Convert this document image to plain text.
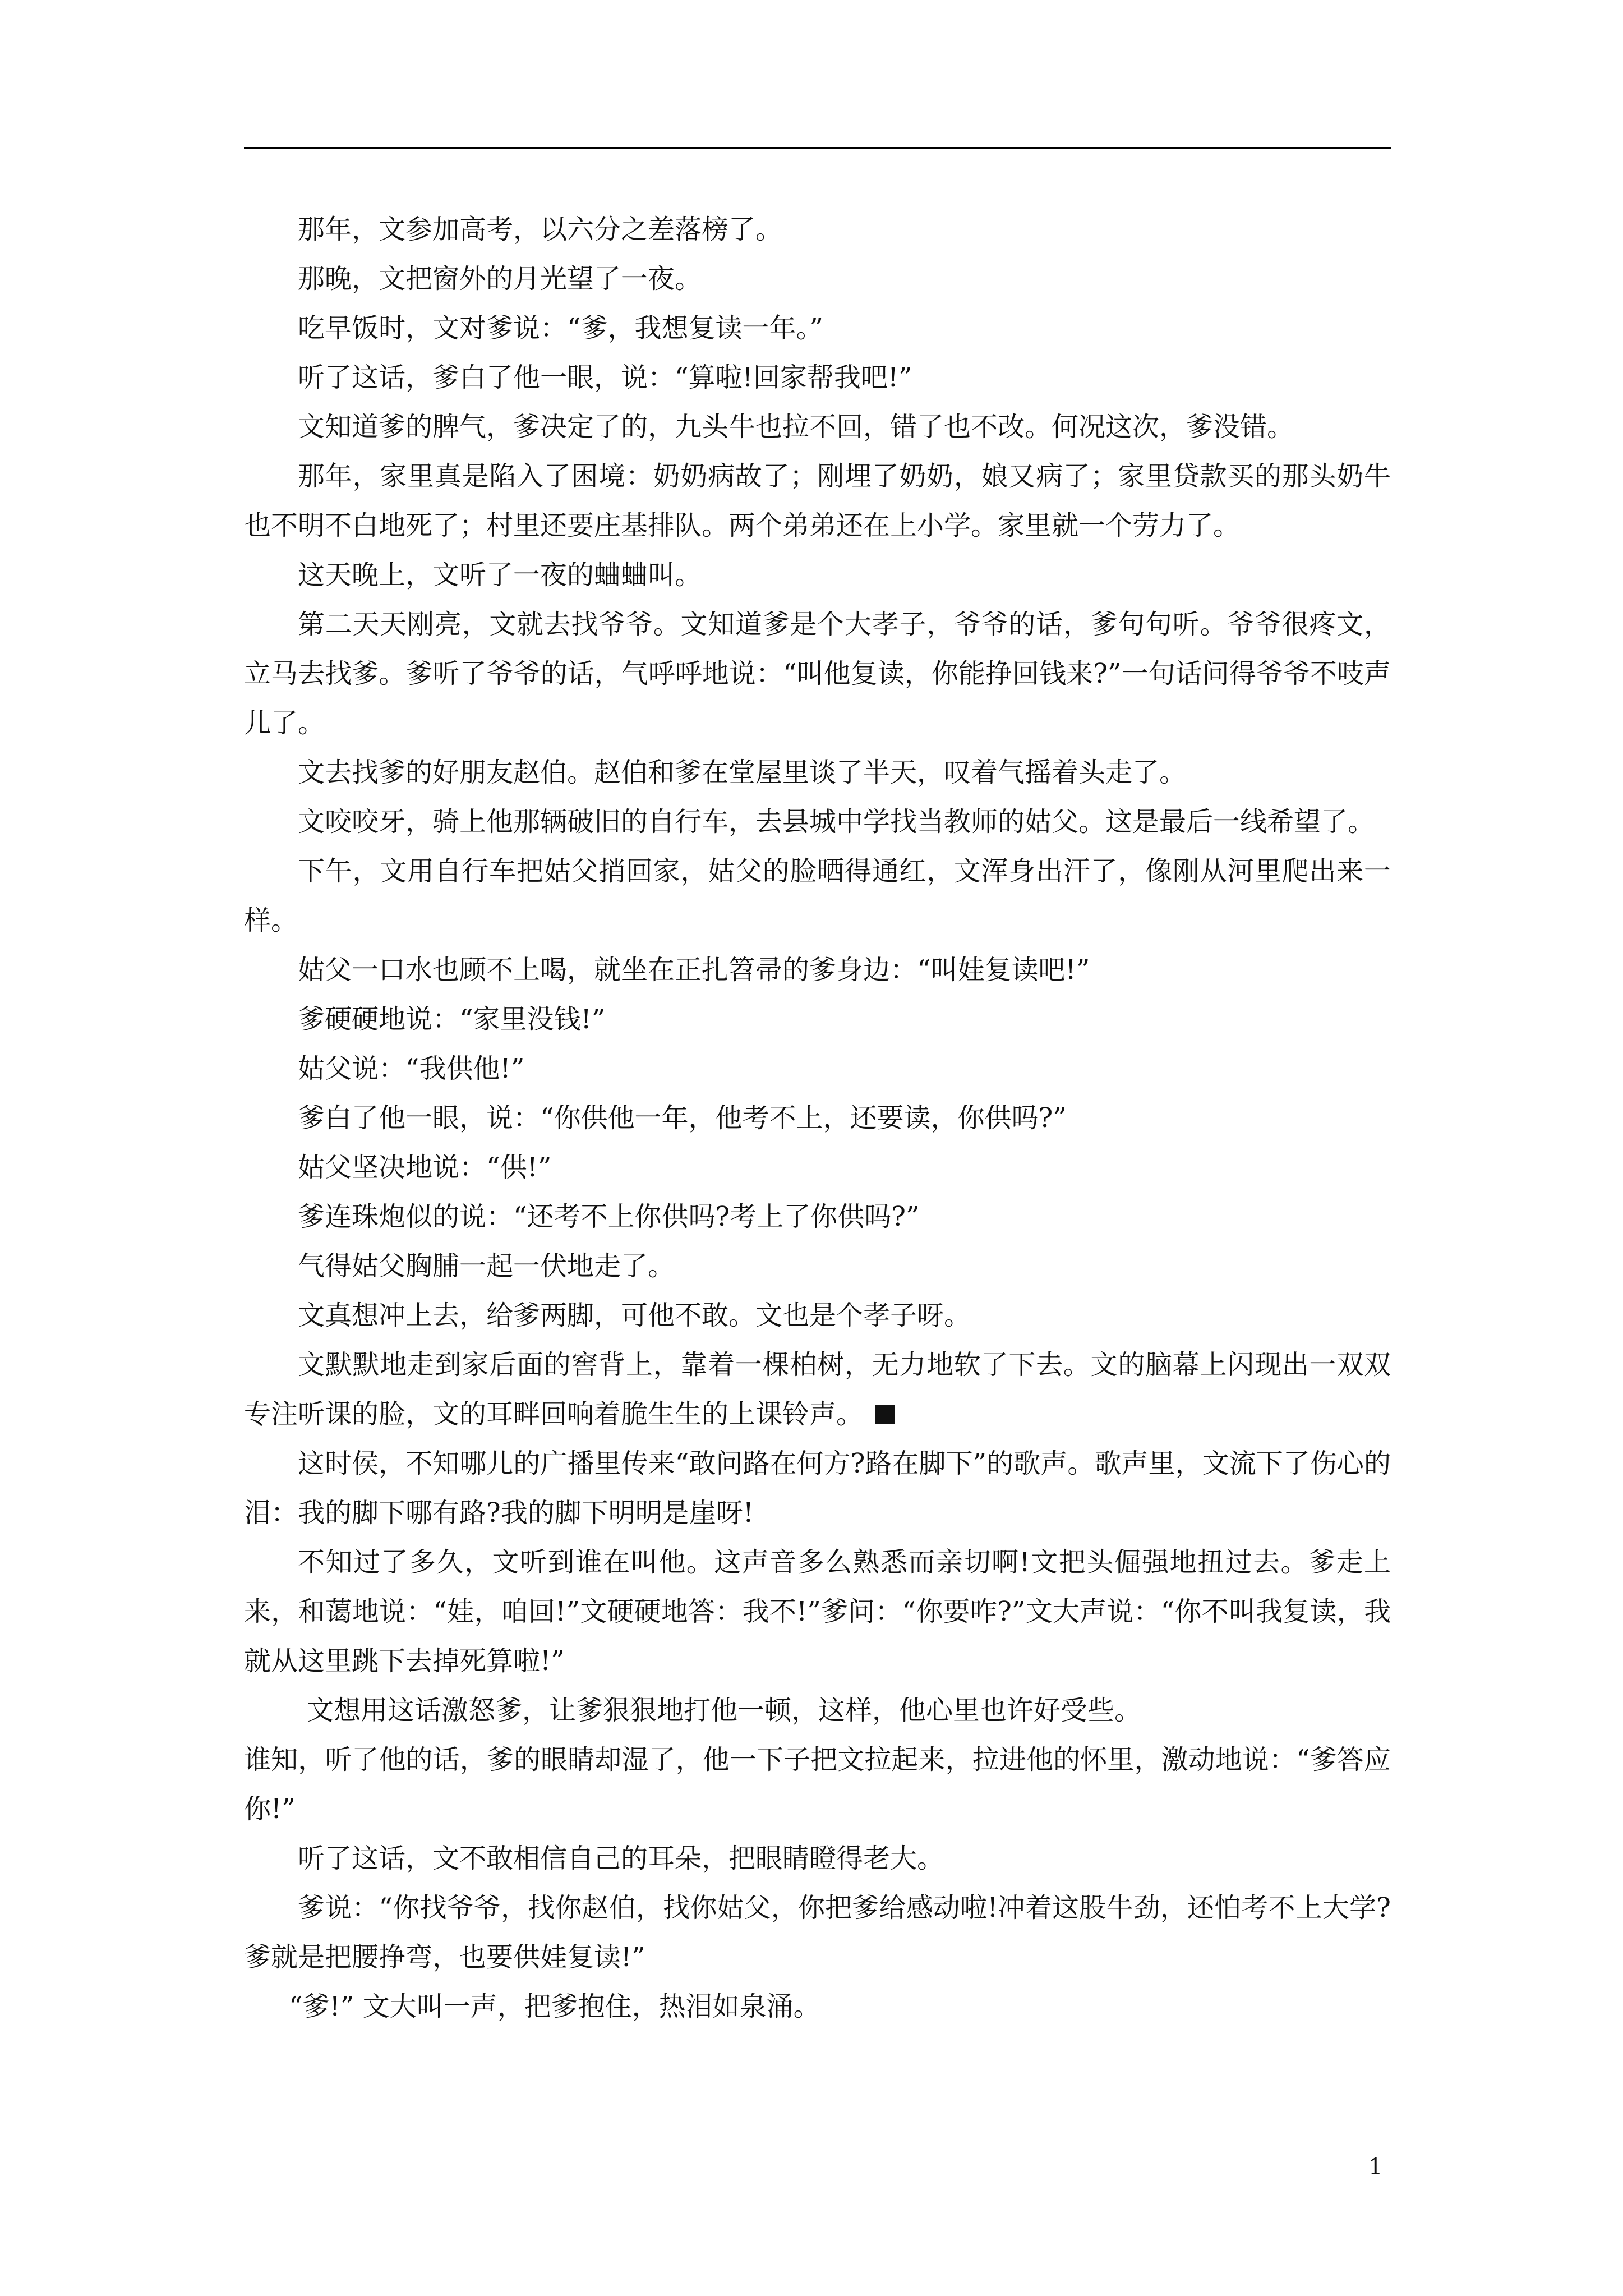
那年，文参加高考，以六分之差落榜了。

那晚，文把窗外的月光望了一夜。

吃早饭时，文对爹说：“爹，我想复读一年。”

听了这话，爹白了他一眼，说：“算啦!回家帮我吧!”

文知道爹的脾气，爹决定了的，九头牛也拉不回，错了也不改。何况这次，爹没错。

那年，家里真是陷入了困境：奶奶病故了；刚埋了奶奶，娘又病了；家里贷款买的那头奶牛也不明不白地死了；村里还要庄基排队。两个弟弟还在上小学。家里就一个劳力了。

这天晚上，文听了一夜的蛐蛐叫。

第二天天刚亮，文就去找爷爷。文知道爹是个大孝子，爷爷的话，爹句句听。爷爷很疼文，立马去找爹。爹听了爷爷的话，气呼呼地说：“叫他复读，你能挣回钱来?”一句话问得爷爷不吱声儿了。

文去找爹的好朋友赵伯。赵伯和爹在堂屋里谈了半天，叹着气摇着头走了。

文咬咬牙，骑上他那辆破旧的自行车，去县城中学找当教师的姑父。这是最后一线希望了。

下午，文用自行车把姑父捎回家，姑父的脸晒得通红，文浑身出汗了，像刚从河里爬出来一样。

姑父一口水也顾不上喝，就坐在正扎笤帚的爹身边：“叫娃复读吧!”

爹硬硬地说：“家里没钱!”

姑父说：“我供他!”

爹白了他一眼，说：“你供他一年，他考不上，还要读，你供吗?”

姑父坚决地说：“供!”

爹连珠炮似的说：“还考不上你供吗?考上了你供吗?”

气得姑父胸脯一起一伏地走了。

文真想冲上去，给爹两脚，可他不敢。文也是个孝子呀。

文默默地走到家后面的窖背上，靠着一棵柏树，无力地软了下去。文的脑幕上闪现出一双双专注听课的脸，文的耳畔回响着脆生生的上课铃声。

这时侯，不知哪儿的广播里传来“敢问路在何方?路在脚下”的歌声。歌声里，文流下了伤心的泪：我的脚下哪有路?我的脚下明明是崖呀!

不知过了多久，文听到谁在叫他。这声音多么熟悉而亲切啊!文把头倔强地扭过去。爹走上来，和蔼地说：“娃，咱回!”文硬硬地答：我不!”爹问：“你要咋?”文大声说：“你不叫我复读，我就从这里跳下去掉死算啦!”

文想用这话激怒爹，让爹狠狠地打他一顿，这样，他心里也许好受些。

谁知，听了他的话，爹的眼睛却湿了，他一下子把文拉起来，拉进他的怀里，激动地说：“爹答应你!”

听了这话，文不敢相信自己的耳朵，把眼睛瞪得老大。

爹说：“你找爷爷，找你赵伯，找你姑父，你把爹给感动啦!冲着这股牛劲，还怕考不上大学?爹就是把腰挣弯，也要供娃复读!”

“爹!” 文大叫一声，把爹抱住，热泪如泉涌。

1
